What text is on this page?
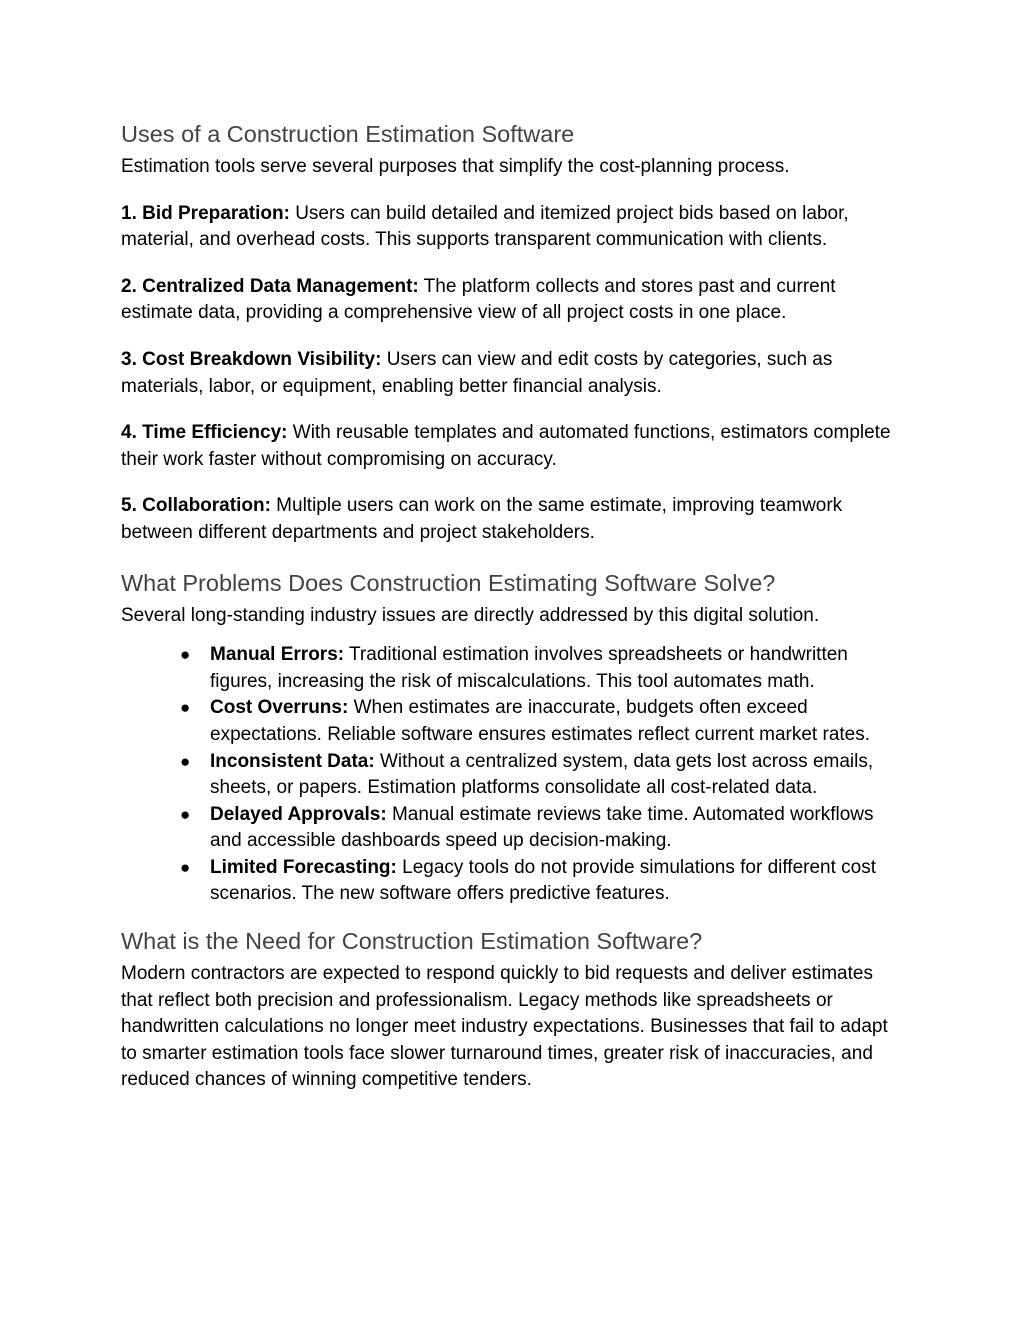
Uses of a Construction Estimation Software

Estimation tools serve several purposes that simplify the cost-planning process.

1. Bid Preparation: Users can build detailed and itemized project bids based on labor, material, and overhead costs. This supports transparent communication with clients.

2. Centralized Data Management: The platform collects and stores past and current estimate data, providing a comprehensive view of all project costs in one place.

3. Cost Breakdown Visibility: Users can view and edit costs by categories, such as materials, labor, or equipment, enabling better financial analysis.

4. Time Efficiency: With reusable templates and automated functions, estimators complete their work faster without compromising on accuracy.

5. Collaboration: Multiple users can work on the same estimate, improving teamwork between different departments and project stakeholders.

What Problems Does Construction Estimating Software Solve?

Several long-standing industry issues are directly addressed by this digital solution.

● Manual Errors: Traditional estimation involves spreadsheets or handwritten figures, increasing the risk of miscalculations. This tool automates math.
● Cost Overruns: When estimates are inaccurate, budgets often exceed expectations. Reliable software ensures estimates reflect current market rates.
● Inconsistent Data: Without a centralized system, data gets lost across emails, sheets, or papers. Estimation platforms consolidate all cost-related data.
● Delayed Approvals: Manual estimate reviews take time. Automated workflows and accessible dashboards speed up decision-making.
● Limited Forecasting: Legacy tools do not provide simulations for different cost scenarios. The new software offers predictive features.
What is the Need for Construction Estimation Software?

Modern contractors are expected to respond quickly to bid requests and deliver estimates that reflect both precision and professionalism. Legacy methods like spreadsheets or handwritten calculations no longer meet industry expectations. Businesses that fail to adapt to smarter estimation tools face slower turnaround times, greater risk of inaccuracies, and reduced chances of winning competitive tenders.
